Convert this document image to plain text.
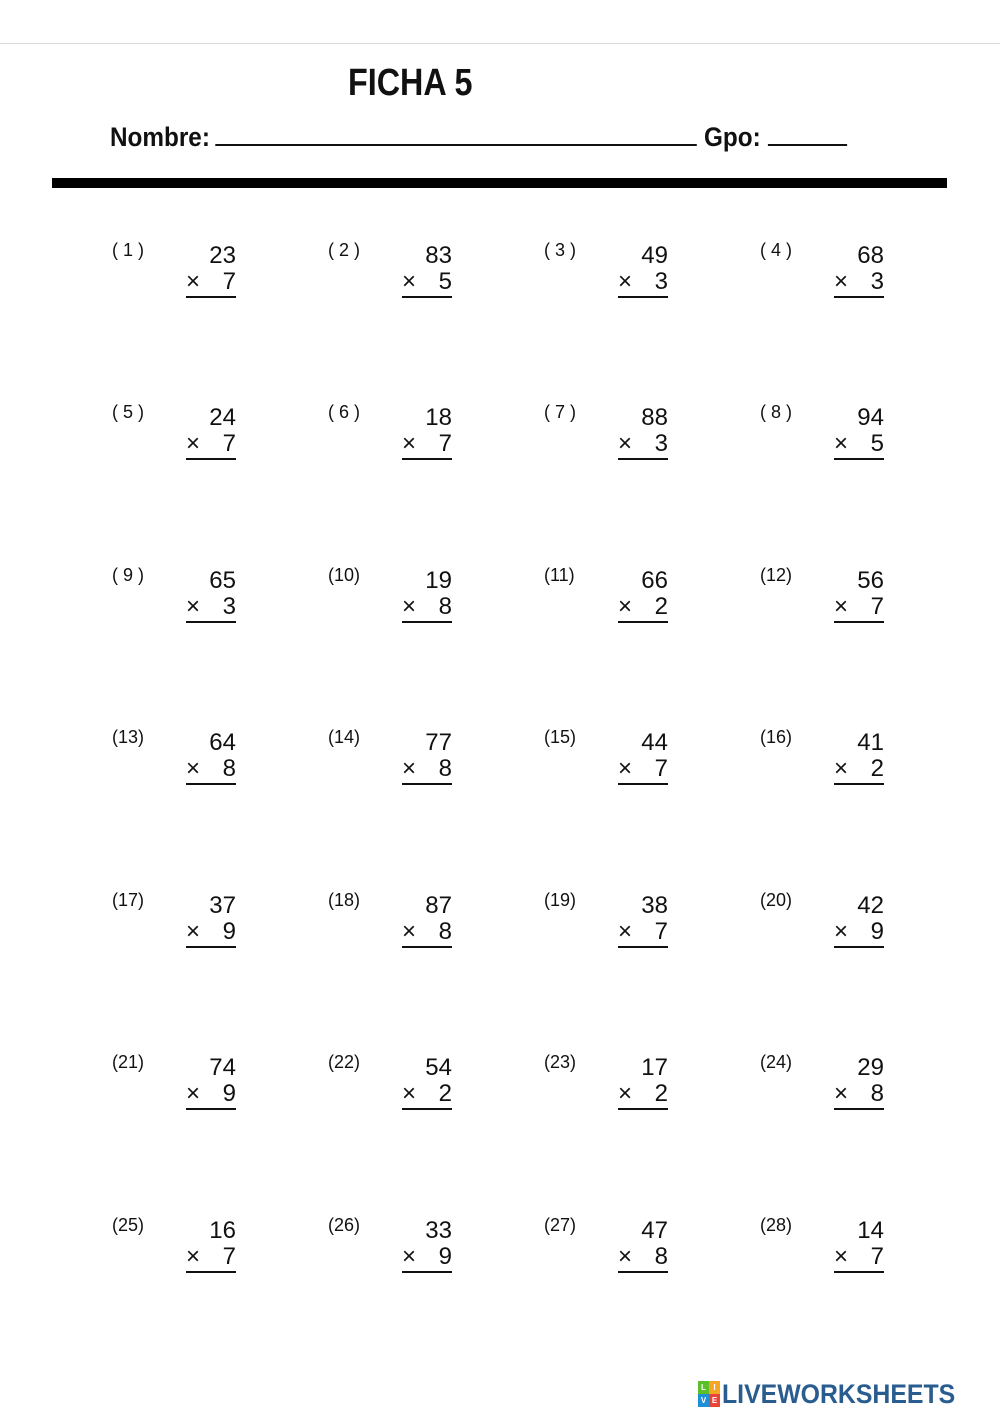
FICHA 5
Nombre:	Gpo:
( 1 )	23
× 7
( 2 )	83
× 5
( 3 )	49
× 3
( 4 )	68
× 3
( 5 )	24
× 7
( 6 )	18
× 7
( 7 )	88
× 3
( 8 )	94
× 5
( 9 )	65
× 3
(10)	19
× 8
(11)	66
× 2
(12)	56
× 7
(13)	64
× 8
(14)	77
× 8
(15)	44
× 7
(16)	41
× 2
(17)	37
× 9
(18)	87
× 8
(19)	38
× 7
(20)	42
× 9
(21)	74
× 9
(22)	54
× 2
(23)	17
× 2
(24)	29
× 8
(25)	16
× 7
(26)	33
× 9
(27)	47
× 8
(28)	14
× 7
L I
V E LIVEWORKSHEETS
